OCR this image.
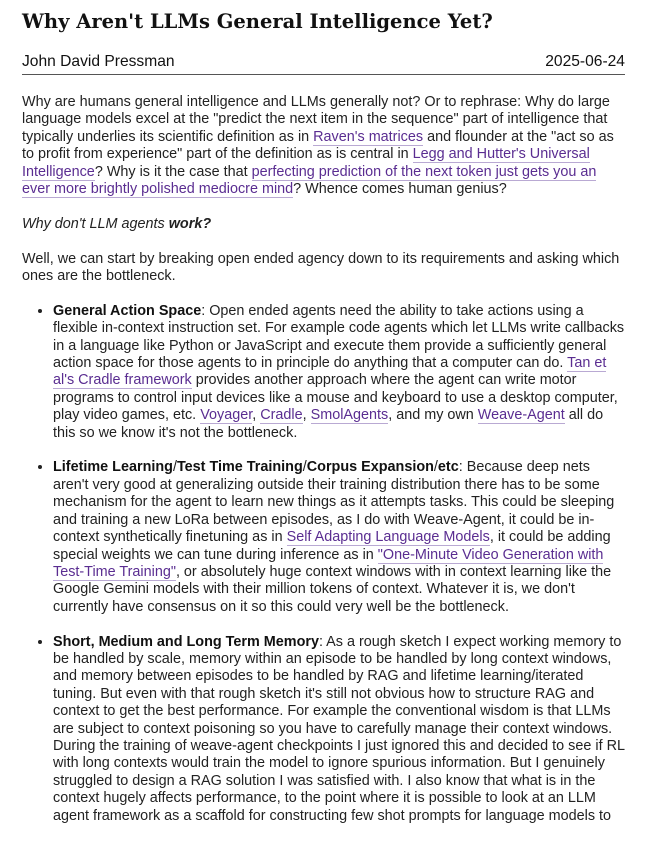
Why Aren't LLMs General Intelligence Yet?
John David Pressman	2025-06-24

Why are humans general intelligence and LLMs generally not? Or to rephrase: Why do large language models excel at the "predict the next item in the sequence" part of intelligence that typically underlies its scientific definition as in Raven's matrices and flounder at the "act so as to profit from experience" part of the definition as is central in Legg and Hutter's Universal Intelligence? Why is it the case that perfecting prediction of the next token just gets you an ever more brightly polished mediocre mind? Whence comes human genius?

Why don't LLM agents work?

Well, we can start by breaking open ended agency down to its requirements and asking which ones are the bottleneck.

• General Action Space: Open ended agents need the ability to take actions using a flexible in-context instruction set. For example code agents which let LLMs write callbacks in a language like Python or JavaScript and execute them provide a sufficiently general action space for those agents to in principle do anything that a computer can do. Tan et al's Cradle framework provides another approach where the agent can write motor programs to control input devices like a mouse and keyboard to use a desktop computer, play video games, etc. Voyager, Cradle, SmolAgents, and my own Weave-Agent all do this so we know it's not the bottleneck.
• Lifetime Learning/Test Time Training/Corpus Expansion/etc: Because deep nets aren't very good at generalizing outside their training distribution there has to be some mechanism for the agent to learn new things as it attempts tasks. This could be sleeping and training a new LoRa between episodes, as I do with Weave-Agent, it could be in-context synthetically finetuning as in Self Adapting Language Models, it could be adding special weights we can tune during inference as in "One-Minute Video Generation with Test-Time Training", or absolutely huge context windows with in context learning like the Google Gemini models with their million tokens of context. Whatever it is, we don't currently have consensus on it so this could very well be the bottleneck.
• Short, Medium and Long Term Memory: As a rough sketch I expect working memory to be handled by scale, memory within an episode to be handled by long context windows, and memory between episodes to be handled by RAG and lifetime learning/iterated tuning. But even with that rough sketch it's still not obvious how to structure RAG and context to get the best performance. For example the conventional wisdom is that LLMs are subject to context poisoning so you have to carefully manage their context windows. During the training of weave-agent checkpoints I just ignored this and decided to see if RL with long contexts would train the model to ignore spurious information. But I genuinely struggled to design a RAG solution I was satisfied with. I also know that what is in the context hugely affects performance, to the point where it is possible to look at an LLM agent framework as a scaffold for constructing few shot prompts for language models to
